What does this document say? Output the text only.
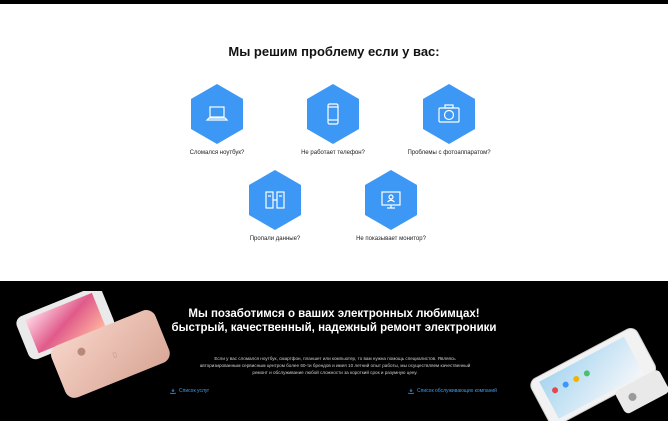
Мы решим проблему если у вас:
Сломался ноутбук?	Не работает телефон?	Проблемы с фотоаппаратом?
Пропали данные?	Не показывает монитор?
Мы позаботимся о ваших электронных любимцах! быстрый, качественный, надежный ремонт электроники

Если у вас сломался ноутбук, смартфон, планшет или компьютер, то вам нужна помощь специалистов. Являясь авторизированным сервисным центром более 60-ти брендов и имея 10 летний опыт работы, мы осуществляем качественный ремонт и обслуживание любой сложности за короткий срок и разумную цену.

Список услуг	Список обслуживающих компаний
